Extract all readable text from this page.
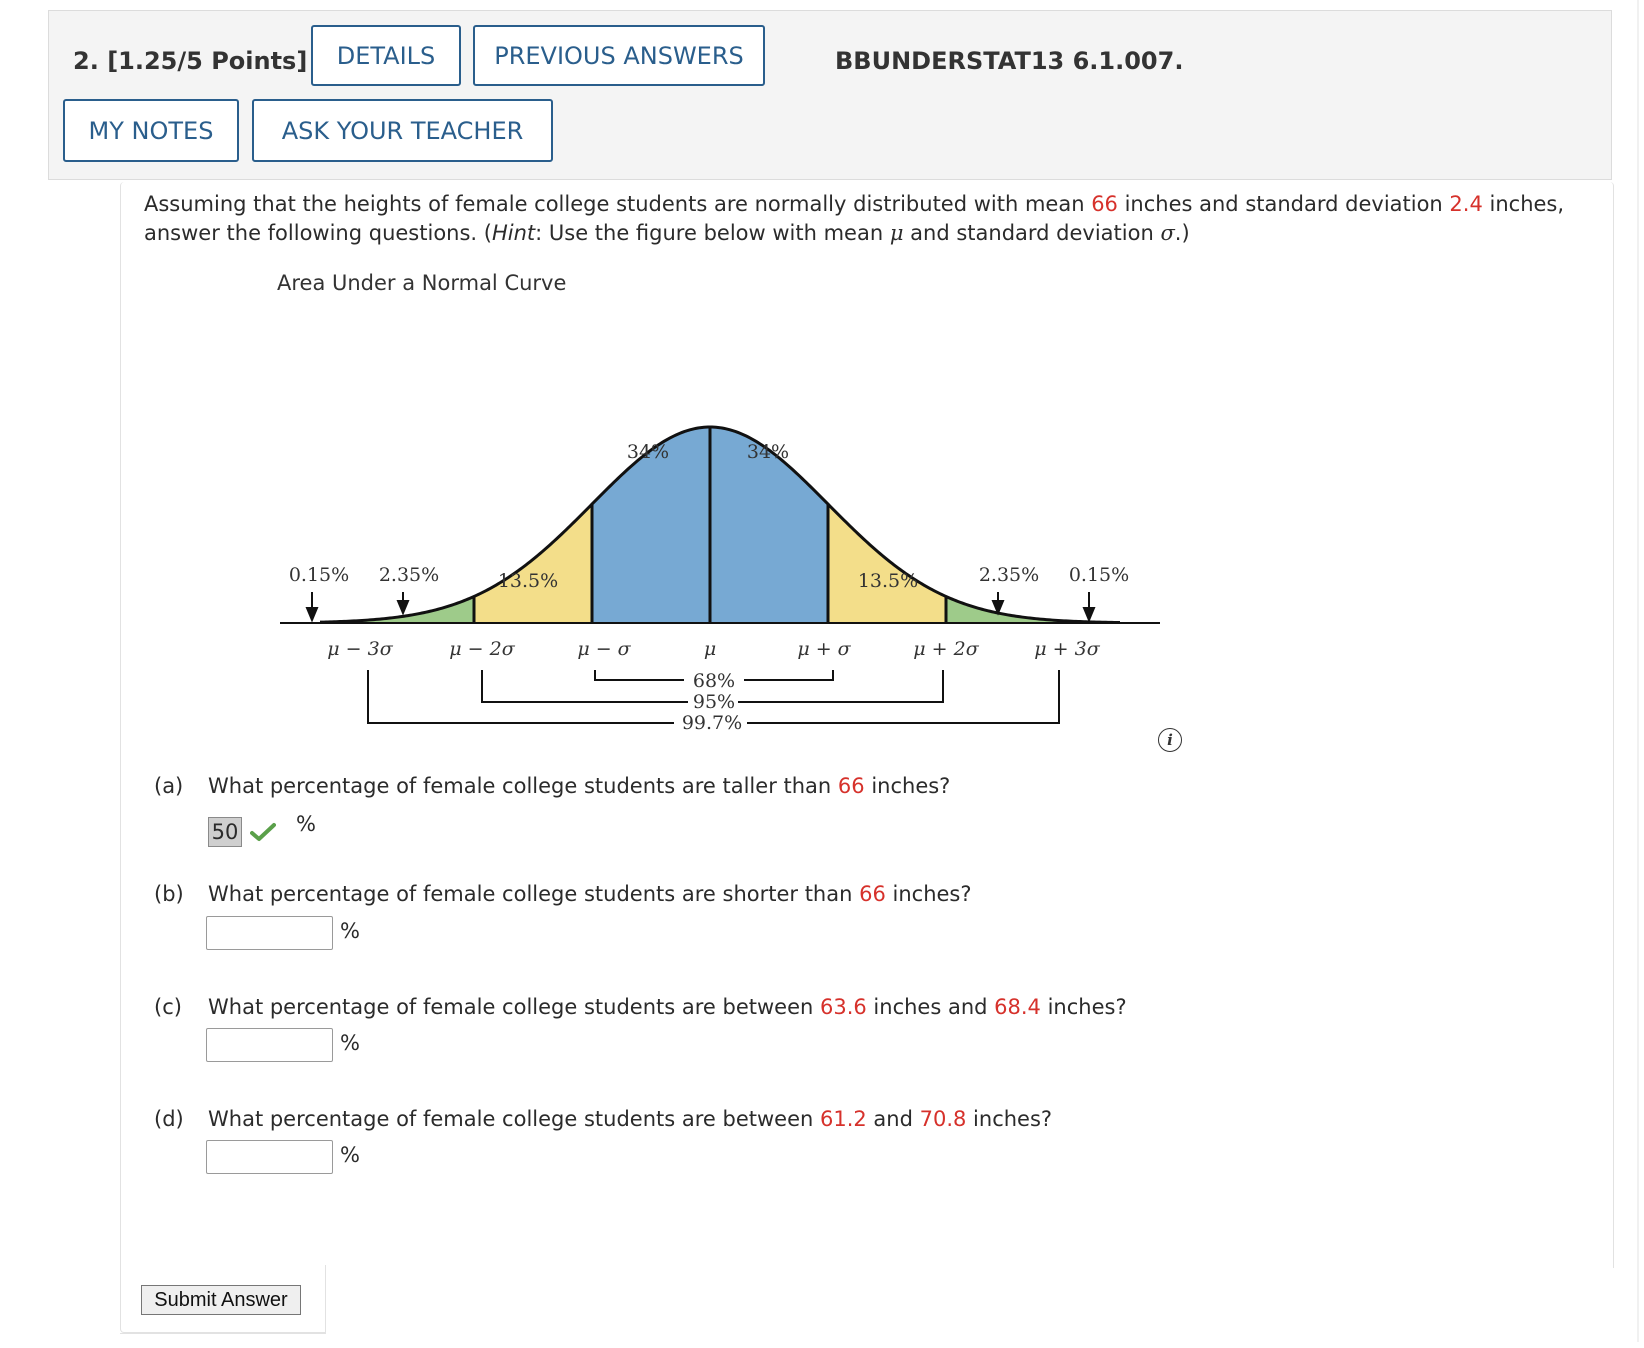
2. [1.25/5 Points]	DETAILS	PREVIOUS ANSWERS	BBUNDERSTAT13 6.1.007.
MY NOTES	ASK YOUR TEACHER
Assuming that the heights of female college students are normally distributed with mean 66 inches and standard deviation 2.4 inches, answer the following questions. (Hint: Use the figure below with mean μ and standard deviation σ.)
Area Under a Normal Curve
34%	34%
13.5%	13.5%
0.15% 2.35%	2.35% 0.15%
μ − 3σ	μ − 2σ	μ − σ	μ	μ + σ	μ + 2σ	μ + 3σ
68%
95%
99.7%
i
(a) What percentage of female college students are taller than 66 inches?
50	%
(b) What percentage of female college students are shorter than 66 inches?
%
(c) What percentage of female college students are between 63.6 inches and 68.4 inches?
%
(d) What percentage of female college students are between 61.2 and 70.8 inches?
%
Submit Answer
